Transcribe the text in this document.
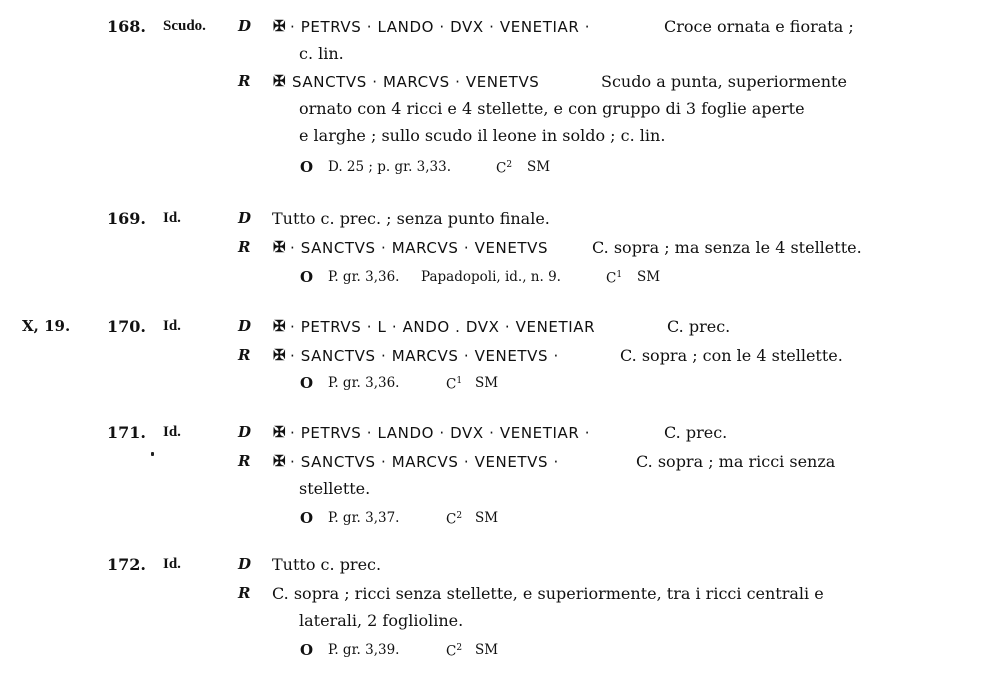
168. Scudo. D ✠ · PETRVS · LANDO · DVX · VENETIAR ·	Croce ornata e fiorata ;
c. lin.
R ✠ SANCTVS · MARCVS · VENETVS	Scudo a punta, superiormente
ornato con 4 ricci e 4 stellette, e con gruppo di 3 foglie aperte
e larghe ; sullo scudo il leone in soldo ; c. lin.
O D. 25 ; p. gr. 3,33.	$C^2$ SM
169. Id.	D Tutto c. prec. ; senza punto finale.
R ✠ · SANCTVS · MARCVS · VENETVS	C. sopra ; ma senza le 4 stellette.
O P. gr. 3,36. Papadopoli, id., n. 9.	$C^1$ SM
X, 19. 170. Id.	D ✠ · PETRVS · L · ANDO . DVX · VENETIAR	C. prec.
R ✠ · SANCTVS · MARCVS · VENETVS ·	C. sopra ; con le 4 stellette.
O P. gr. 3,36.	$C^1$ SM
171. Id.	D ✠ · PETRVS · LANDO · DVX · VENETIAR ·	C. prec.
R ✠ · SANCTVS · MARCVS · VENETVS ·	C. sopra ; ma ricci senza
stellette.
O P. gr. 3,37.	$C^2$ SM
172. Id.	D Tutto c. prec.
R C. sopra ; ricci senza stellette, e superiormente, tra i ricci centrali e
laterali, 2 foglioline.
O P. gr. 3,39.	$C^2$ SM
